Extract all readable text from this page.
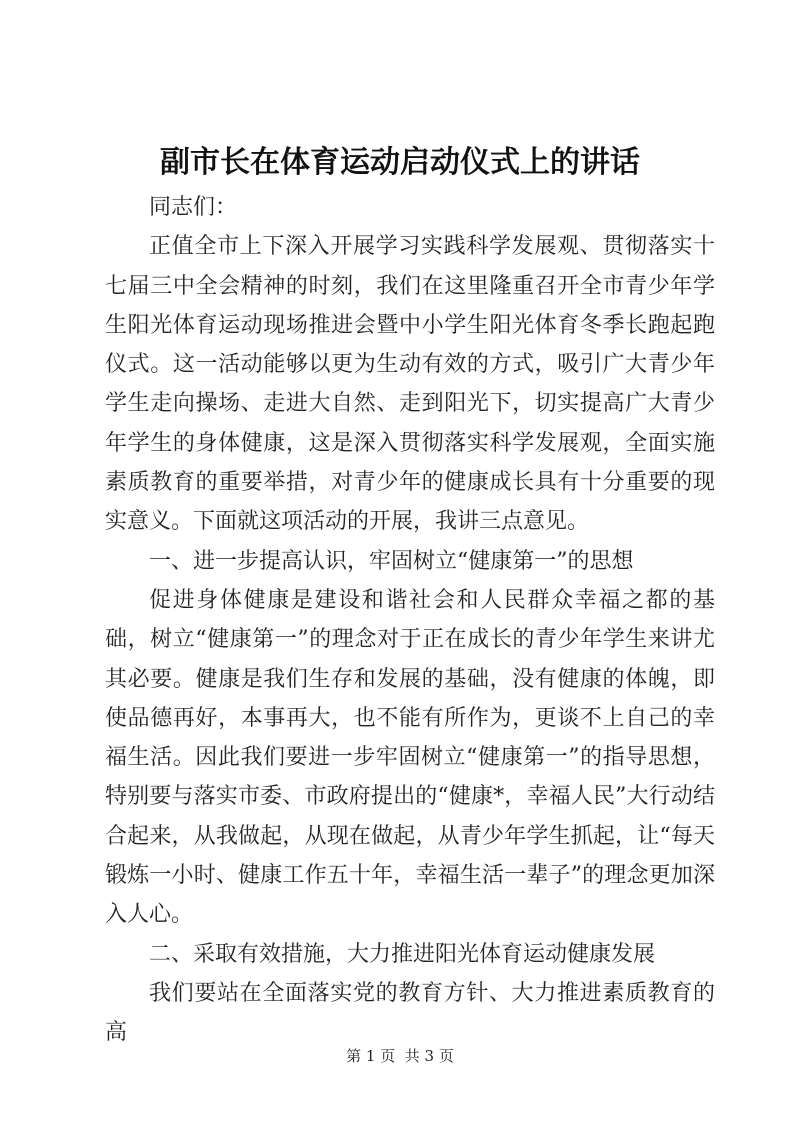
副市长在体育运动启动仪式上的讲话

同志们：

正值全市上下深入开展学习实践科学发展观、贯彻落实十七届三中全会精神的时刻，我们在这里隆重召开全市青少年学生阳光体育运动现场推进会暨中小学生阳光体育冬季长跑起跑仪式。这一活动能够以更为生动有效的方式，吸引广大青少年学生走向操场、走进大自然、走到阳光下，切实提高广大青少年学生的身体健康，这是深入贯彻落实科学发展观，全面实施素质教育的重要举措，对青少年的健康成长具有十分重要的现实意义。下面就这项活动的开展，我讲三点意见。

一、进一步提高认识，牢固树立“健康第一”的思想

促进身体健康是建设和谐社会和人民群众幸福之都的基础，树立“健康第一”的理念对于正在成长的青少年学生来讲尤其必要。健康是我们生存和发展的基础，没有健康的体魄，即使品德再好，本事再大，也不能有所作为，更谈不上自己的幸福生活。因此我们要进一步牢固树立“健康第一”的指导思想，特别要与落实市委、市政府提出的“健康*，幸福人民”大行动结合起来，从我做起，从现在做起，从青少年学生抓起，让“每天锻炼一小时、健康工作五十年，幸福生活一辈子”的理念更加深入人心。

二、采取有效措施，大力推进阳光体育运动健康发展

我们要站在全面落实党的教育方针、大力推进素质教育的高

第 1 页  共 3 页
